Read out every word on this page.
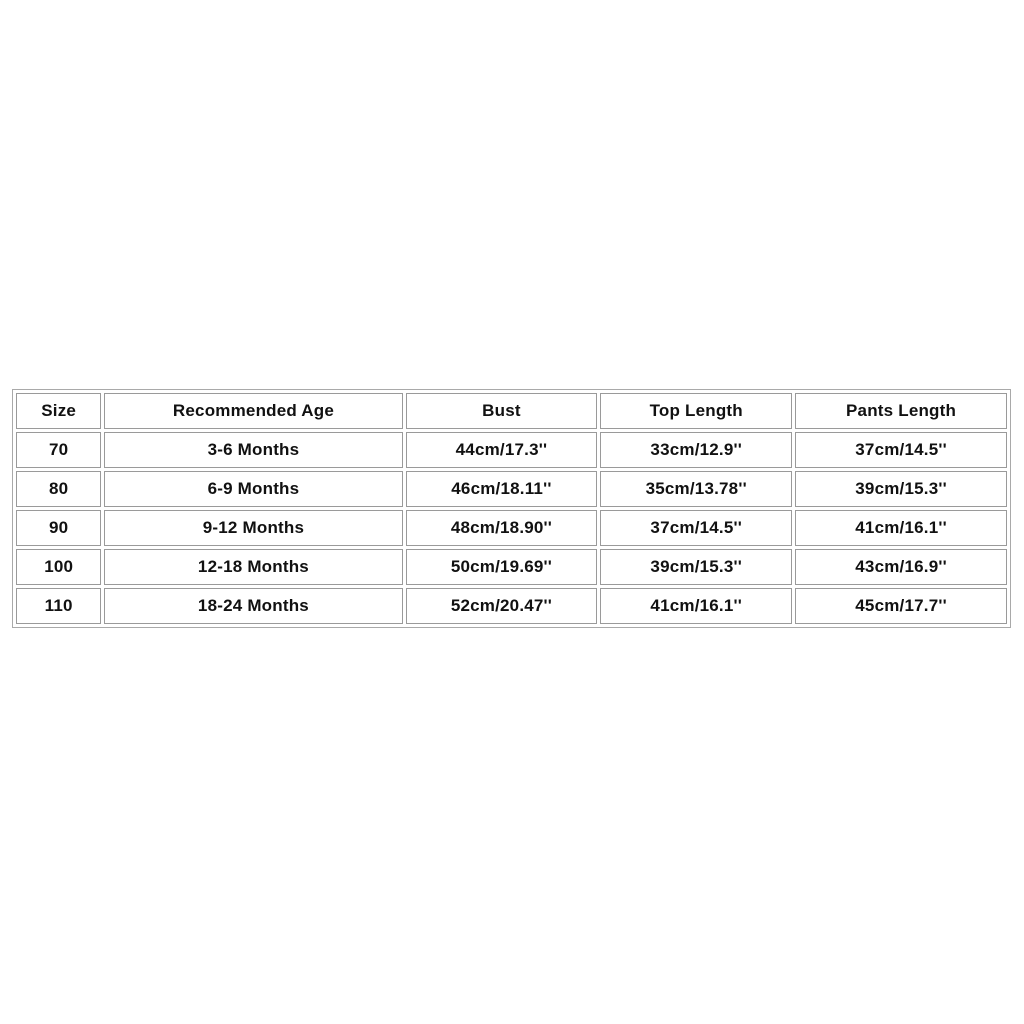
Size	Recommended Age	Bust	Top Length	Pants Length
70	3-6 Months	44cm/17.3''	33cm/12.9''	37cm/14.5''
80	6-9 Months	46cm/18.11''	35cm/13.78''	39cm/15.3''
90	9-12 Months	48cm/18.90''	37cm/14.5''	41cm/16.1''
100	12-18 Months	50cm/19.69''	39cm/15.3''	43cm/16.9''
110	18-24 Months	52cm/20.47''	41cm/16.1''	45cm/17.7''
